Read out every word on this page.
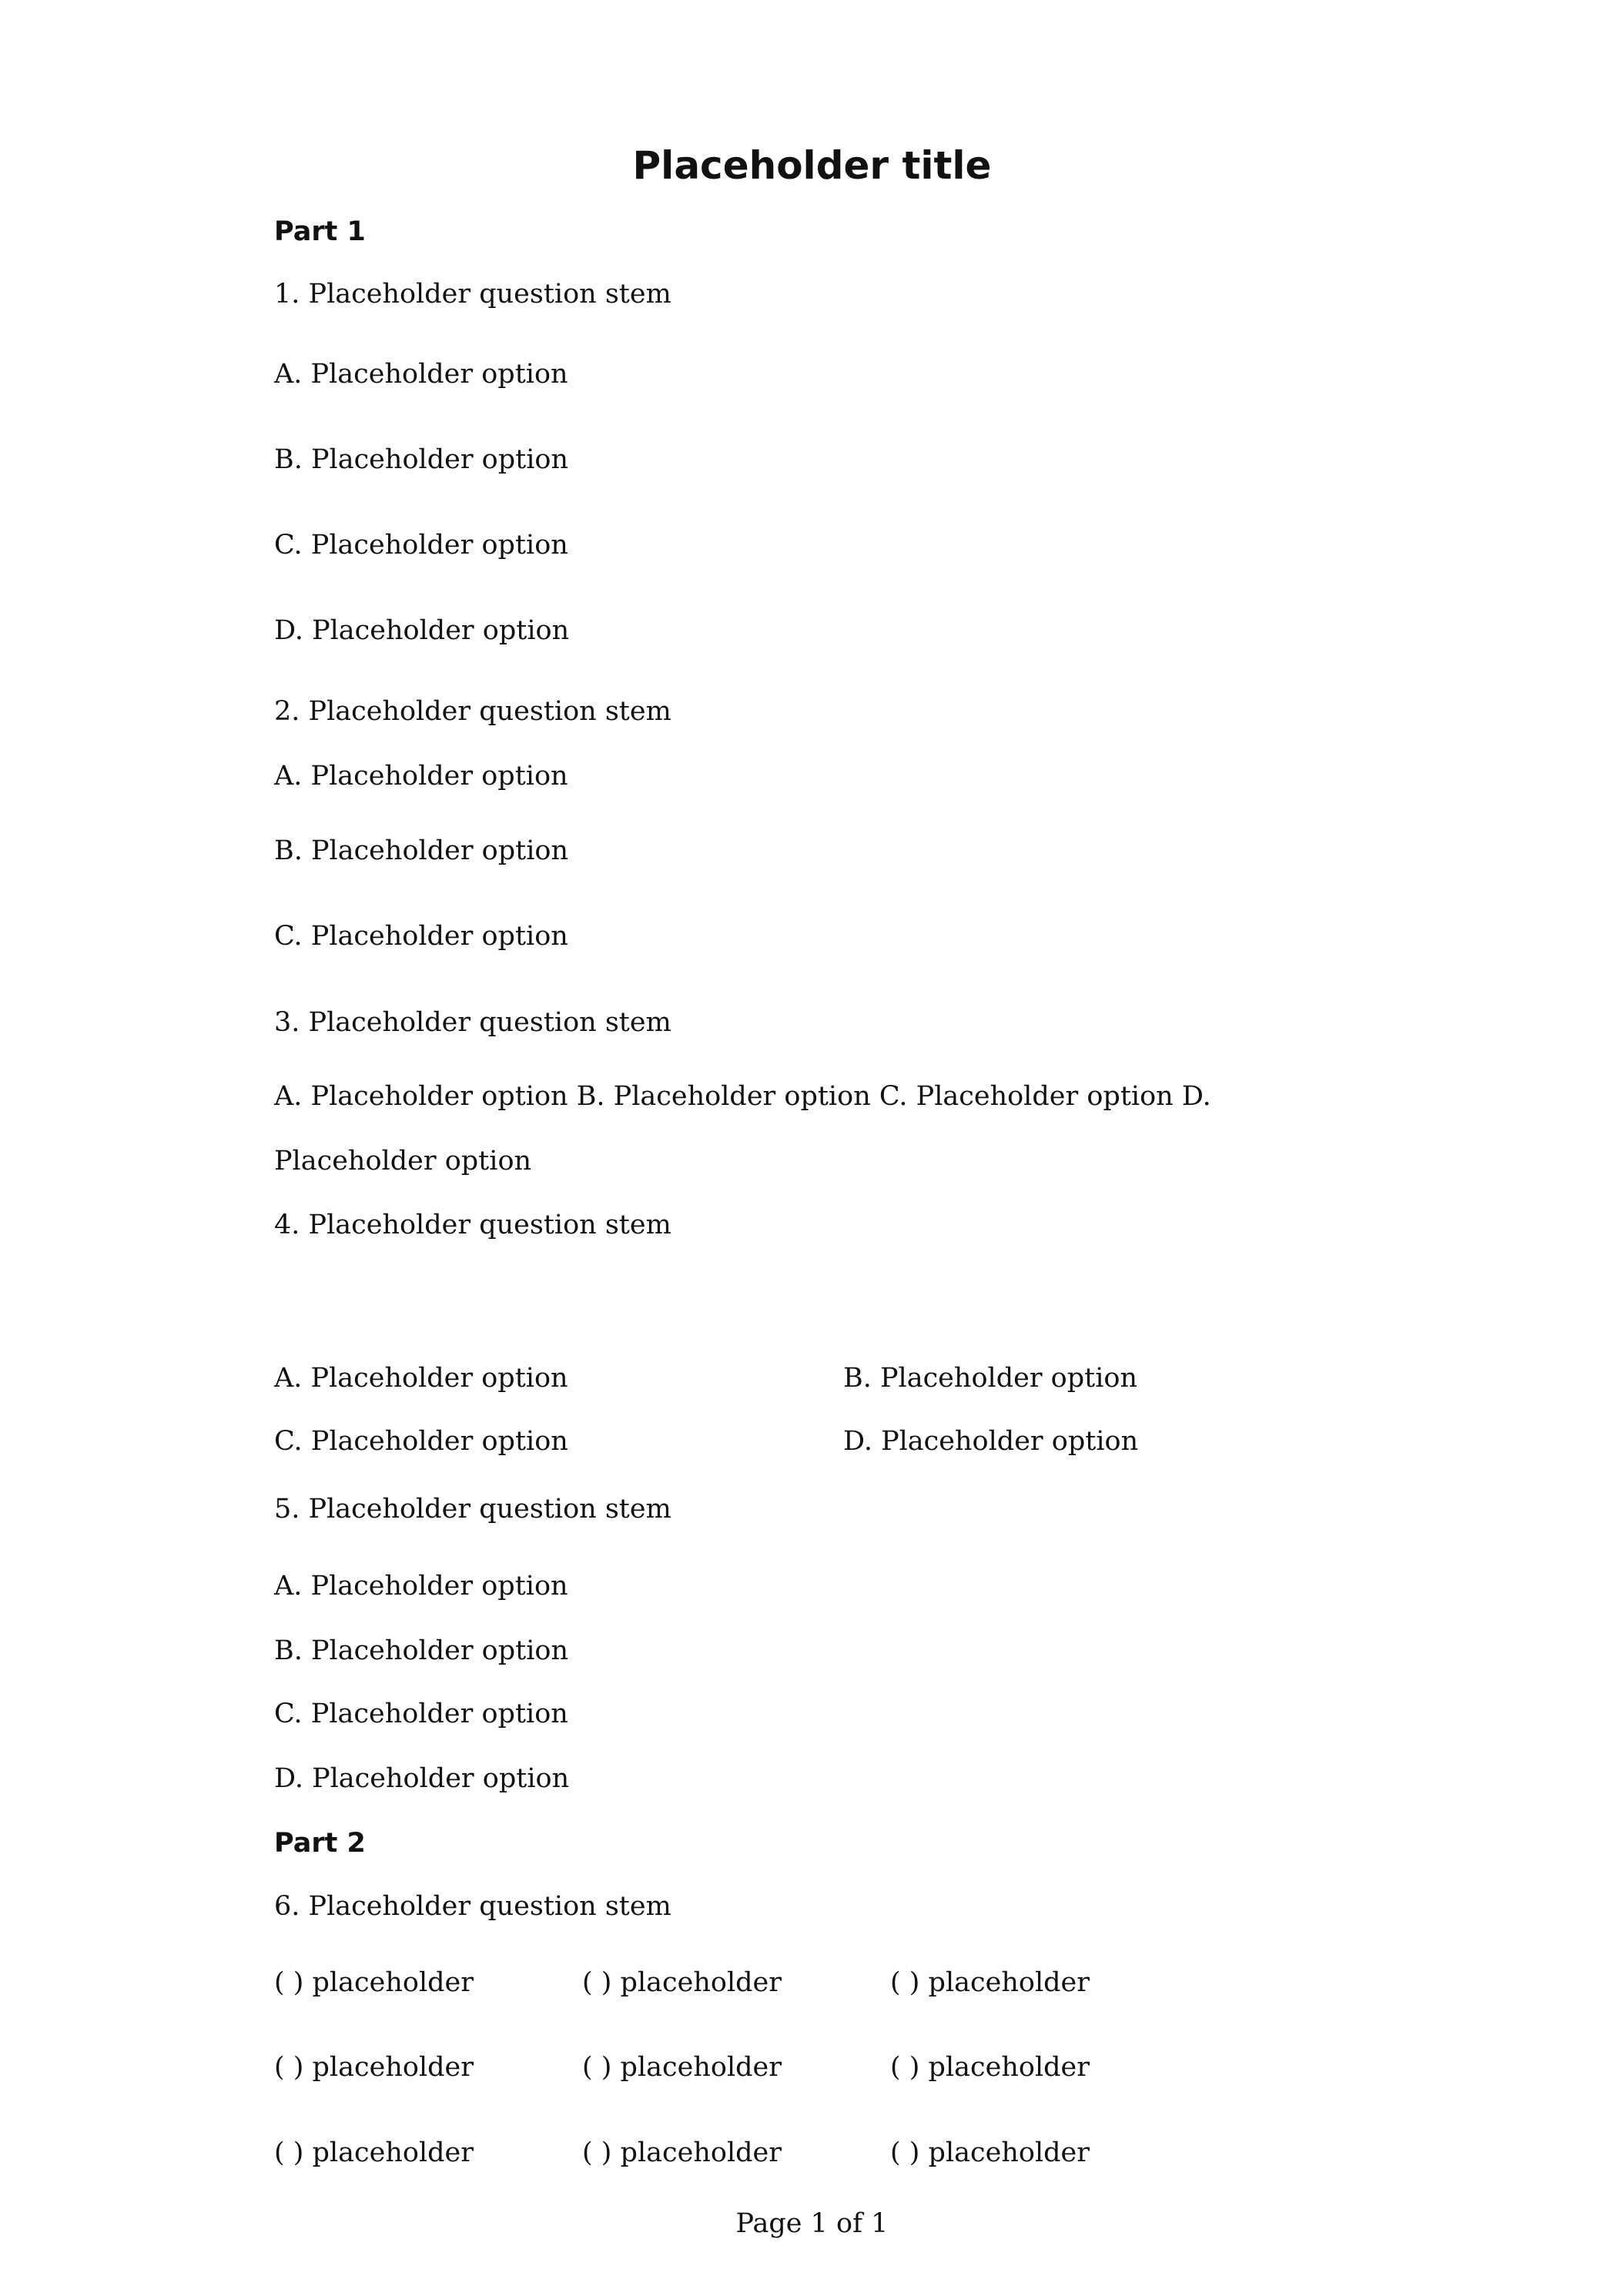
Placeholder title
Part 1
1. Placeholder question stem
A. Placeholder option
B. Placeholder option
C. Placeholder option
D. Placeholder option
2. Placeholder question stem
A. Placeholder option
B. Placeholder option
C. Placeholder option
3. Placeholder question stem
A. Placeholder option B. Placeholder option C. Placeholder option D. Placeholder option
4. Placeholder question stem
A. Placeholder option	B. Placeholder option
C. Placeholder option	D. Placeholder option
5. Placeholder question stem
A. Placeholder option
B. Placeholder option
C. Placeholder option
D. Placeholder option
Part 2
6. Placeholder question stem
( ) placeholder	( ) placeholder	( ) placeholder
( ) placeholder	( ) placeholder	( ) placeholder
( ) placeholder	( ) placeholder	( ) placeholder
Page 1 of 1
